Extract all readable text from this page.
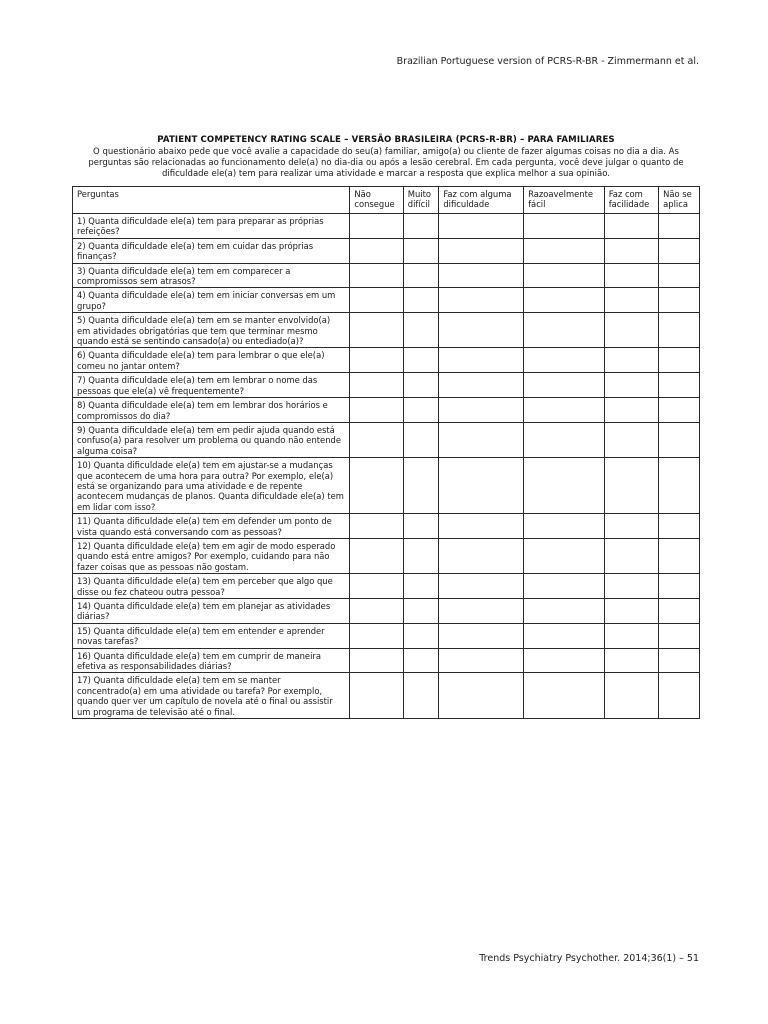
Brazilian Portuguese version of PCRS-R-BR - Zimmermann et al.
PATIENT COMPETENCY RATING SCALE – VERSÃO BRASILEIRA (PCRS-R-BR) – PARA FAMILIARES
O questionário abaixo pede que você avalie a capacidade do seu(a) familiar, amigo(a) ou cliente de fazer algumas coisas no dia a dia. As perguntas são relacionadas ao funcionamento dele(a) no dia-dia ou após a lesão cerebral. Em cada pergunta, você deve julgar o quanto de dificuldade ele(a) tem para realizar uma atividade e marcar a resposta que explica melhor a sua opinião.
Perguntas	Não consegue	Muito difícil	Faz com alguma dificuldade	Razoavelmente fácil	Faz com facilidade	Não se aplica
1) Quanta dificuldade ele(a) tem para preparar as próprias refeições?						
2) Quanta dificuldade ele(a) tem em cuidar das próprias finanças?						
3) Quanta dificuldade ele(a) tem em comparecer a compromissos sem atrasos?						
4) Quanta dificuldade ele(a) tem em iniciar conversas em um grupo?						
5) Quanta dificuldade ele(a) tem em se manter envolvido(a) em atividades obrigatórias que tem que terminar mesmo quando está se sentindo cansado(a) ou entediado(a)?						
6) Quanta dificuldade ele(a) tem para lembrar o que ele(a) comeu no jantar ontem?						
7) Quanta dificuldade ele(a) tem em lembrar o nome das pessoas que ele(a) vê frequentemente?						
8) Quanta dificuldade ele(a) tem em lembrar dos horários e compromissos do dia?						
9) Quanta dificuldade ele(a) tem em pedir ajuda quando está confuso(a) para resolver um problema ou quando não entende alguma coisa?						
10) Quanta dificuldade ele(a) tem em ajustar-se a mudanças que acontecem de uma hora para outra? Por exemplo, ele(a) está se organizando para uma atividade e de repente acontecem mudanças de planos. Quanta dificuldade ele(a) tem em lidar com isso?						
11) Quanta dificuldade ele(a) tem em defender um ponto de vista quando está conversando com as pessoas?						
12) Quanta dificuldade ele(a) tem em agir de modo esperado quando está entre amigos? Por exemplo, cuidando para não fazer coisas que as pessoas não gostam.						
13) Quanta dificuldade ele(a) tem em perceber que algo que disse ou fez chateou outra pessoa?						
14) Quanta dificuldade ele(a) tem em planejar as atividades diárias?						
15) Quanta dificuldade ele(a) tem em entender e aprender novas tarefas?						
16) Quanta dificuldade ele(a) tem em cumprir de maneira efetiva as responsabilidades diárias?						
17) Quanta dificuldade ele(a) tem em se manter concentrado(a) em uma atividade ou tarefa? Por exemplo, quando quer ver um capítulo de novela até o final ou assistir um programa de televisão até o final.						
Trends Psychiatry Psychother. 2014;36(1) – 51
